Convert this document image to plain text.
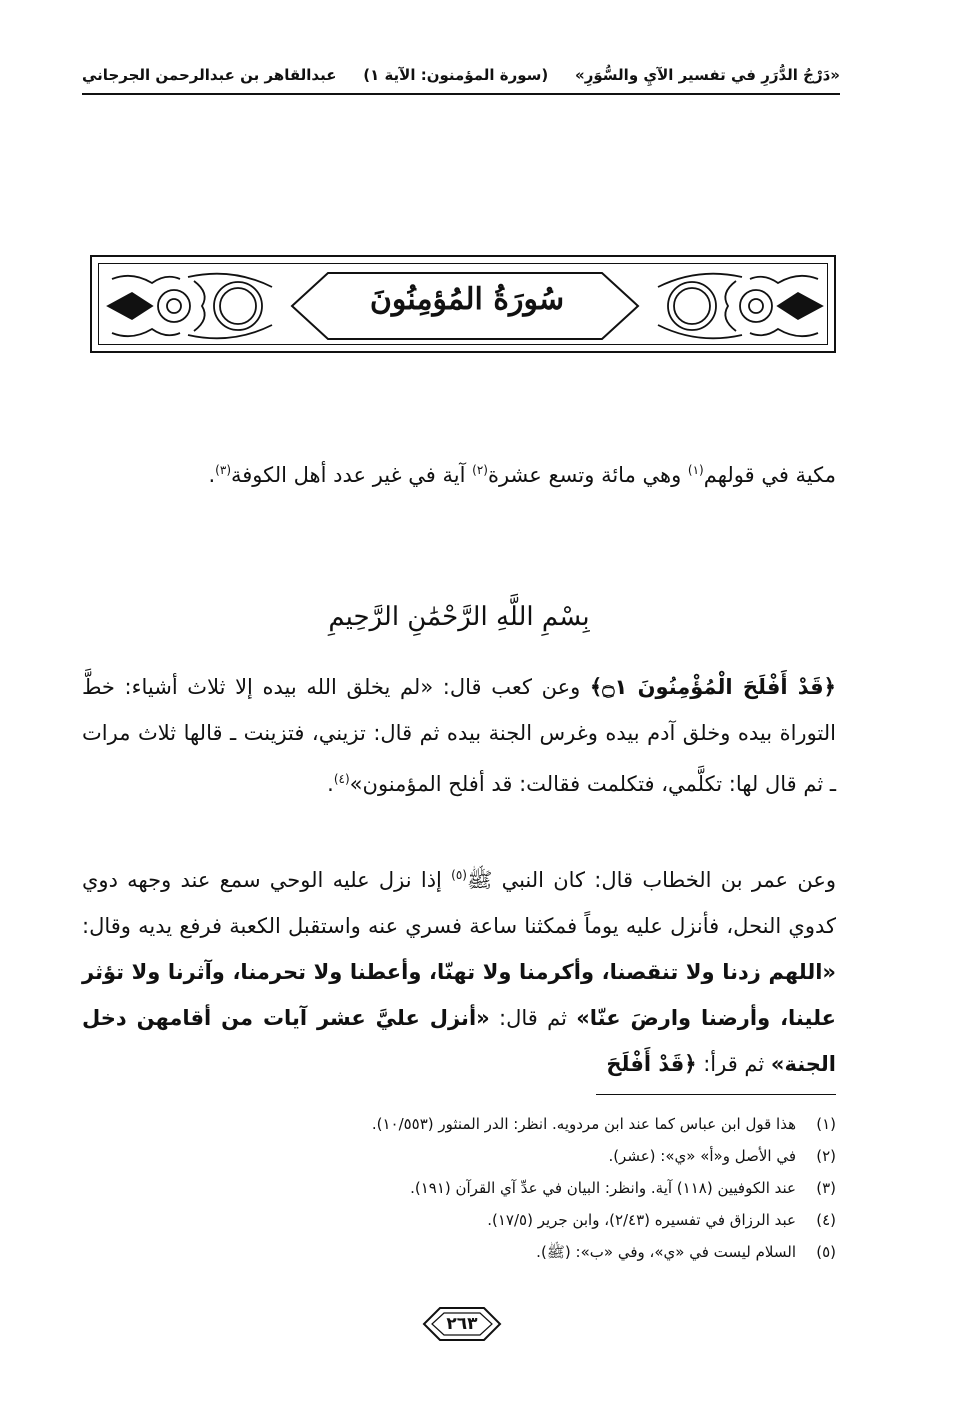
«دَرْجُ الدُّرَرِ في تفسير الآيِ والسُّوَرِ»
(سورة المؤمنون: الآية ١)
عبدالقاهر بن عبدالرحمن الجرجاني
سُورَةُ المُؤمِنُونَ
مكية في قولهم$^{(١)}$ وهي مائة وتسع عشرة$^{(٢)}$ آية في غير عدد أهل الكوفة$^{(٣)}$.
بِسْمِ اللَّهِ الرَّحْمَٰنِ الرَّحِيمِ
﴿قَدْ أَفْلَحَ الْمُؤْمِنُونَ ۝١﴾ وعن كعب قال: «لم يخلق الله بيده إلا ثلاث أشياء: خطَّ التوراة بيده وخلق آدم بيده وغرس الجنة بيده ثم قال: تزيني، فتزينت ـ قالها ثلاث مرات ـ ثم قال لها: تكلَّمي، فتكلمت فقالت: قد أفلح المؤمنون»$^{(٤)}$.
وعن عمر بن الخطاب قال: كان النبي ﷺ$^{(٥)}$ إذا نزل عليه الوحي سمع عند وجهه دوي كدوي النحل، فأنزل عليه يوماً فمكثنا ساعة فسري عنه واستقبل الكعبة فرفع يديه وقال: «اللهم زدنا ولا تنقصنا، وأكرمنا ولا تهنّا، وأعطنا ولا تحرمنا، وآثرنا ولا تؤثر علينا، وأرضنا وارضَ عنّا» ثم قال: «أنزل عليَّ عشر آيات من أقامهن دخل الجنة» ثم قرأ: ﴿قَدْ أَفْلَحَ
(١)هذا قول ابن عباس كما عند ابن مردويه. انظر: الدر المنثور (١٠/٥٥٣).
(٢)في الأصل و«أ» «ي»: (عشر).
(٣)عند الكوفيين (١١٨) آية. وانظر: البيان في عدِّ آي القرآن (١٩١).
(٤)عبد الرزاق في تفسيره (٢/٤٣)، وابن جرير (١٧/٥).
(٥)السلام ليست في «ي»، وفي «ب»: (ﷺ).
٢٦٣
